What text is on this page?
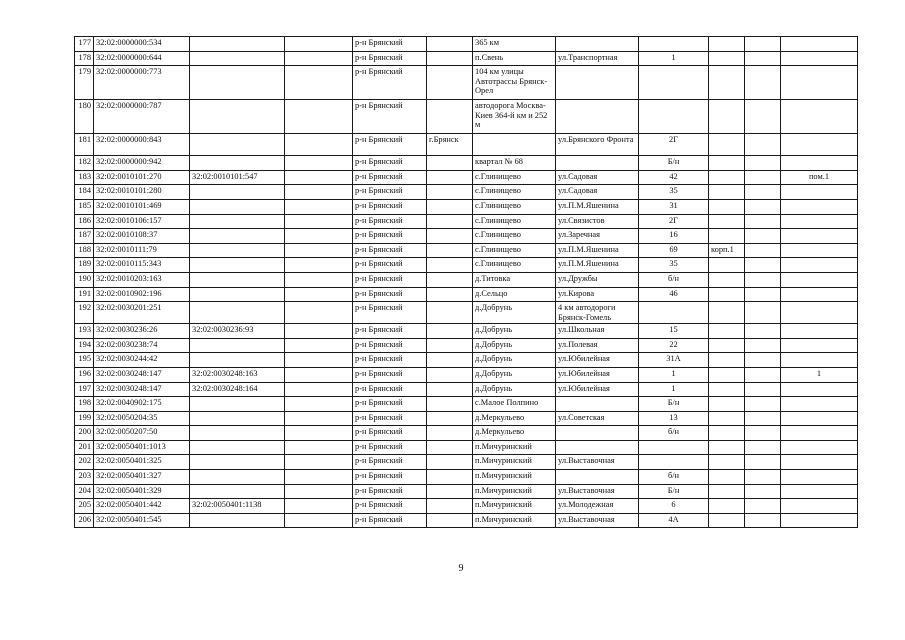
177	32:02:0000000:534			р-н Брянский		365 км					
178	32:02:0000000:644			р-н Брянский		п.Свень	ул.Транспортная	1			
179	32:02:0000000:773			р-н Брянский		104 км улицы Автотрассы Брянск-Орел					
180	32:02:0000000:787			р-н Брянский		автодорога Москва-Киев 364-й км и 252 м					
181	32:02:0000000:843			р-н Брянский	г.Брянск		ул.Брянского Фронта	2Г			
182	32:02:0000000:942			р-н Брянский		квартал № 68		Б/н			
183	32:02:0010101:270	32:02:0010101:547		р-н Брянский		с.Глинищево	ул.Садовая	42			пом.1
184	32:02:0010101:280			р-н Брянский		с.Глинищево	ул.Садовая	35			
185	32:02:0010101:469			р-н Брянский		с.Глинищево	ул.П.М.Яшенина	31			
186	32:02:0010106:157			р-н Брянский		с.Глинищево	ул.Связистов	2Г			
187	32:02:0010108:37			р-н Брянский		с.Глинищево	ул.Заречная	16			
188	32:02:0010111:79			р-н Брянский		с.Глинищево	ул.П.М.Яшенина	69	корп.1		
189	32:02:0010115:343			р-н Брянский		с.Глинищево	ул.П.М.Яшенина	35			
190	32:02:0010203:163			р-н Брянский		д.Титовка	ул.Дружбы	б/н			
191	32:02:0010902:196			р-н Брянский		д.Сельцо	ул.Кирова	46			
192	32:02:0030201:251			р-н Брянский		д.Добрунь	4 км автодороги Брянск-Гомель				
193	32:02:0030236:26	32:02:0030236:93		р-н Брянский		д.Добрунь	ул.Школьная	15			
194	32:02:0030238:74			р-н Брянский		д.Добрунь	ул.Полевая	22			
195	32:02:0030244:42			р-н Брянский		д.Добрунь	ул.Юбилейная	31А			
196	32:02:0030248:147	32:02:0030248:163		р-н Брянский		д.Добрунь	ул.Юбилейная	1			1
197	32:02:0030248:147	32:02:0030248:164		р-н Брянский		д.Добрунь	ул.Юбилейная	1			
198	32:02:0040902:175			р-н Брянский		с.Малое Полпино		Б/н			
199	32:02:0050204:35			р-н Брянский		д.Меркульево	ул.Советская	13			
200	32:02:0050207:50			р-н Брянский		д.Меркульево		б/н			
201	32:02:0050401:1013			р-н Брянский		п.Мичуринский					
202	32:02:0050401:325			р-н Брянский		п.Мичуринский	ул.Выставочная				
203	32:02:0050401:327			р-н Брянский		п.Мичуринский		б/н			
204	32:02:0050401:329			р-н Брянский		п.Мичуринский	ул.Выставочная	Б/н			
205	32:02:0050401:442	32:02:0050401:1138		р-н Брянский		п.Мичуринский	ул.Молодежная	6			
206	32:02:0050401:545			р-н Брянский		п.Мичуринский	ул.Выставочная	4А			
9
